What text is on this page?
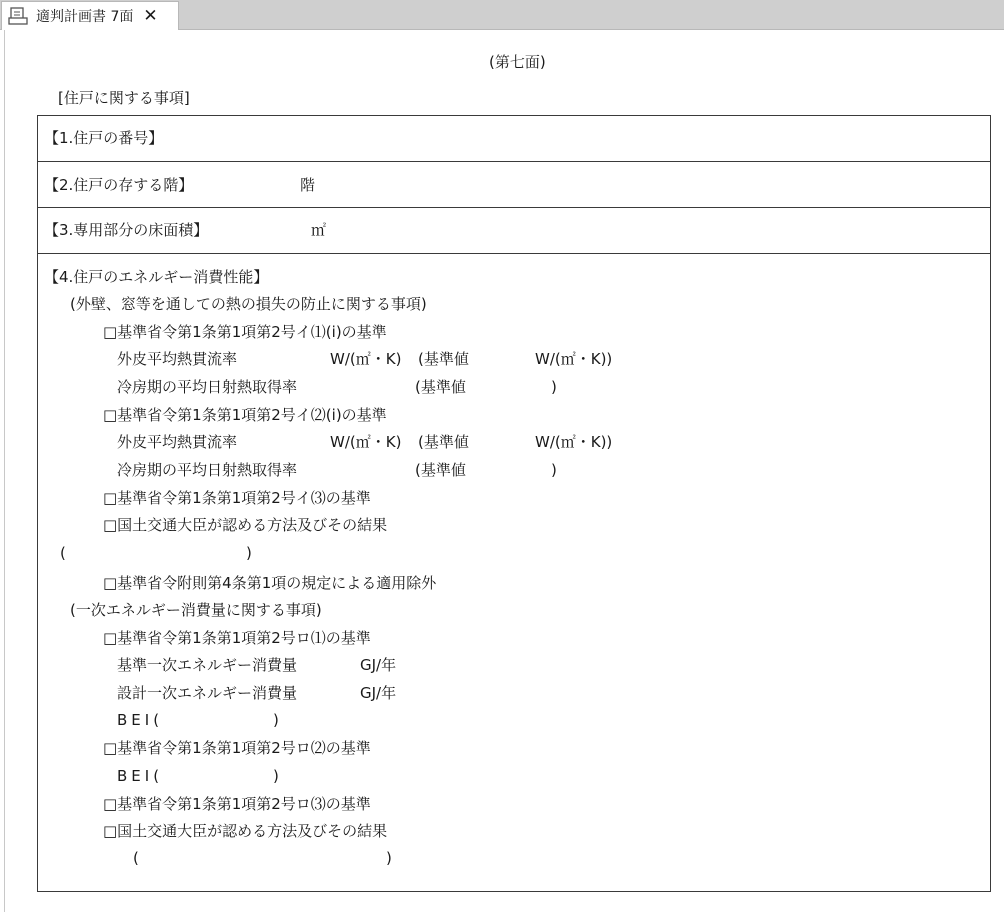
適判計画書 7面 ✕
(第七面)
[住戸に関する事項]
【1.住戸の番号】
【2.住戸の存する階】	階
【3.専用部分の床面積】	㎡
【4.住戸のエネルギー消費性能】
(外壁、窓等を通しての熱の損失の防止に関する事項)
□基準省令第1条第1項第2号イ⑴(i)の基準
外皮平均熱貫流率	W/(㎡・K) (基準値	W/(㎡・K))
冷房期の平均日射熱取得率	(基準値	)
□基準省令第1条第1項第2号イ⑵(i)の基準
外皮平均熱貫流率	W/(㎡・K) (基準値	W/(㎡・K))
冷房期の平均日射熱取得率	(基準値	)
□基準省令第1条第1項第2号イ⑶の基準
□国土交通大臣が認める方法及びその結果
(	)
□基準省令附則第4条第1項の規定による適用除外
(一次エネルギー消費量に関する事項)
□基準省令第1条第1項第2号ロ⑴の基準
基準一次エネルギー消費量	GJ/年
設計一次エネルギー消費量	GJ/年
BEI(	)
□基準省令第1条第1項第2号ロ⑵の基準
BEI(	)
□基準省令第1条第1項第2号ロ⑶の基準
□国土交通大臣が認める方法及びその結果
(	)
